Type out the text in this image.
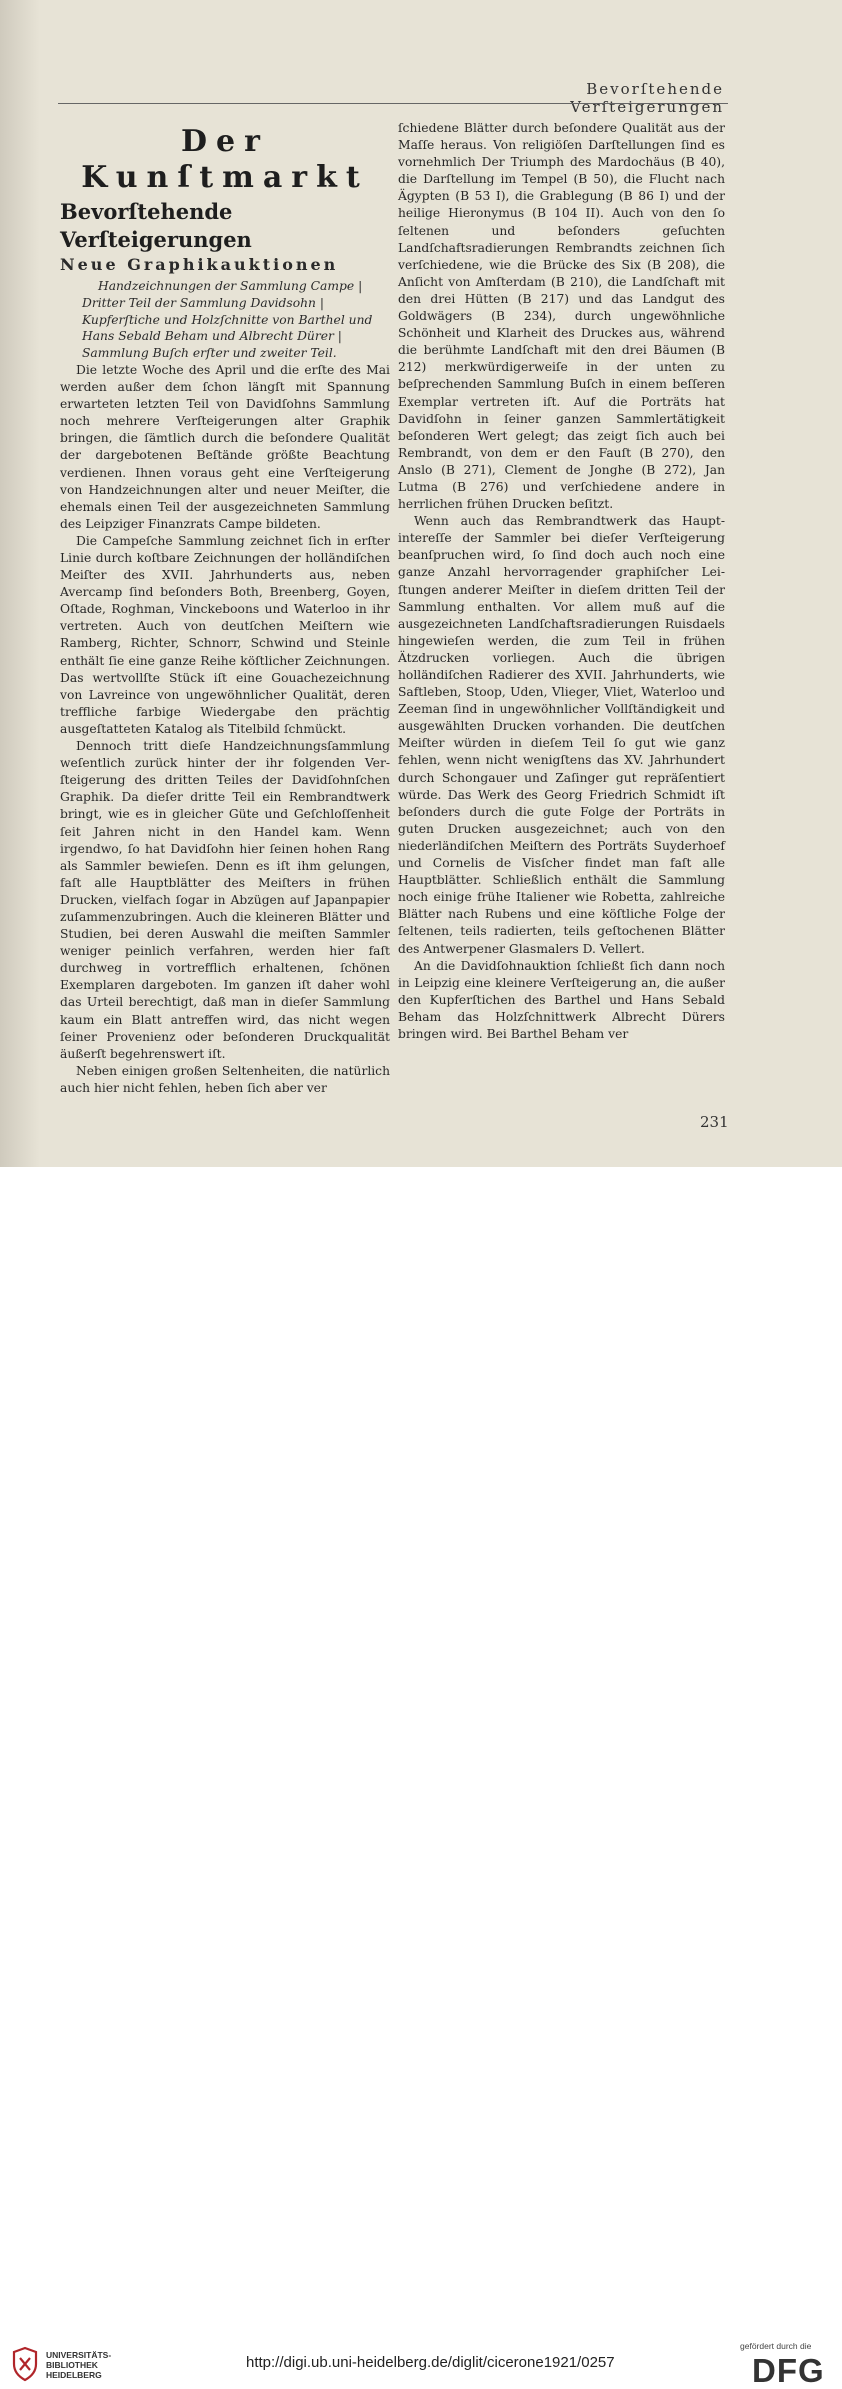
Bevorſtehende Verſteigerungen
Der Kunſtmarkt
Bevorſtehende Verſteigerungen
Neue Graphikauktionen

Handzeichnungen der Sammlung Campe | Dritter Teil der Sammlung Davidsohn | Kupferſtiche und Holzſchnitte von Barthel und Hans Sebald Beham und Albrecht Dürer | Sammlung Buſch erſter und zweiter Teil.

Die letzte Woche des April und die erſte des Mai werden außer dem ſchon längſt mit Spannung erwarteten letzten Teil von Davidſohns Sammlung noch mehrere Verſteigerungen alter Graphik bringen, die ſämtlich durch die beſondere Qualität der dargebotenen Beſtände größte Beachtung verdienen. Ihnen voraus geht eine Verſteigerung von Handzeichnungen alter und neuer Meiſter, die ehemals einen Teil der ausgezeichneten Sammlung des Leipziger Finanzrats Campe bildeten.

Die Campeſche Sammlung zeichnet ſich in erſter Linie durch koſtbare Zeichnungen der holländiſchen Meiſter des XVII. Jahrhunderts aus, neben Avercamp ſind beſonders Both, Breenberg, Goyen, Oſtade, Roghman, Vinckeboons und Waterloo in ihr vertreten. Auch von deutſchen Meiſtern wie Ramberg, Richter, Schnorr, Schwind und Steinle enthält ſie eine ganze Reihe köſtlicher Zeichnungen. Das wertvollſte Stück iſt eine Gouachezeichnung von Lavreince von ungewöhnlicher Qualität, deren treffliche farbige Wiedergabe den prächtig ausgeſtatteten Katalog als Titelbild ſchmückt.

Dennoch tritt dieſe Handzeichnungsſammlung weſentlich zurück hinter der ihr folgenden Verſteigerung des dritten Teiles der Davidſohnſchen Graphik. Da dieſer dritte Teil ein Rembrandtwerk bringt, wie es in gleicher Güte und Geſchloſſenheit ſeit Jahren nicht in den Handel kam. Wenn irgendwo, ſo hat Davidſohn hier ſeinen hohen Rang als Sammler bewieſen. Denn es iſt ihm gelungen, faſt alle Hauptblätter des Meiſters in frühen Drucken, vielfach ſogar in Abzügen auf Japanpapier zuſammenzubringen. Auch die kleineren Blätter und Studien, bei deren Auswahl die meiſten Sammler weniger peinlich verfahren, werden hier faſt durchweg in vortrefflich erhaltenen, ſchönen Exemplaren dargeboten. Im ganzen iſt daher wohl das Urteil berechtigt, daß man in dieſer Sammlung kaum ein Blatt antreffen wird, das nicht wegen ſeiner Provenienz oder beſonderen Druckqualität äußerſt begehrenswert iſt.

Neben einigen großen Seltenheiten, die natürlich auch hier nicht fehlen, heben ſich aber ver

ſchiedene Blätter durch beſondere Qualität aus der Maſſe heraus. Von religiöſen Darſtellungen ſind es vornehmlich Der Triumph des Mardochäus (B 40), die Darſtellung im Tempel (B 50), die Flucht nach Ägypten (B 53 I), die Grablegung (B 86 I) und der heilige Hieronymus (B 104 II). Auch von den ſo ſeltenen und beſonders geſuchten Landſchaftsradierungen Rembrandts zeichnen ſich verſchiedene, wie die Brücke des Six (B 208), die Anſicht von Amſterdam (B 210), die Landſchaft mit den drei Hütten (B 217) und das Landgut des Goldwägers (B 234), durch ungewöhnliche Schönheit und Klarheit des Druckes aus, während die berühmte Landſchaft mit den drei Bäumen (B 212) merkwürdigerweiſe in der unten zu beſprechenden Sammlung Buſch in einem beſſeren Exemplar vertreten iſt. Auf die Porträts hat Davidſohn in ſeiner ganzen Sammlertätigkeit beſonderen Wert gelegt; das zeigt ſich auch bei Rembrandt, von dem er den Fauſt (B 270), den Anslo (B 271), Clement de Jonghe (B 272), Jan Lutma (B 276) und verſchiedene andere in herrlichen frühen Drucken beſitzt.

Wenn auch das Rembrandtwerk das Hauptintereſſe der Sammler bei dieſer Verſteigerung beanſpruchen wird, ſo ſind doch auch noch eine ganze Anzahl hervorragender graphiſcher Leiſtungen anderer Meiſter in dieſem dritten Teil der Sammlung enthalten. Vor allem muß auf die ausgezeichneten Landſchaftsradierungen Ruisdaels hingewieſen werden, die zum Teil in frühen Ätzdrucken vorliegen. Auch die übrigen holländiſchen Radierer des XVII. Jahrhunderts, wie Saftleben, Stoop, Uden, Vlieger, Vliet, Waterloo und Zeeman ſind in ungewöhnlicher Vollſtändigkeit und ausgewählten Drucken vorhanden. Die deutſchen Meiſter würden in dieſem Teil ſo gut wie ganz fehlen, wenn nicht wenigſtens das XV. Jahrhundert durch Schongauer und Zaſinger gut repräſentiert würde. Das Werk des Georg Friedrich Schmidt iſt beſonders durch die gute Folge der Porträts in guten Drucken ausgezeichnet; auch von den niederländiſchen Meiſtern des Porträts Suyderhoef und Cornelis de Visſcher findet man faſt alle Hauptblätter. Schließlich enthält die Sammlung noch einige frühe Italiener wie Robetta, zahlreiche Blätter nach Rubens und eine köſtliche Folge der ſeltenen, teils radierten, teils geſtochenen Blätter des Antwerpener Glasmalers D. Vellert.

An die Davidſohnauktion ſchließt ſich dann noch in Leipzig eine kleinere Verſteigerung an, die außer den Kupferſtichen des Barthel und Hans Sebald Beham das Holzſchnittwerk Albrecht Dürers bringen wird. Bei Barthel Beham ver

231
UNIVERSITÄTS-
BIBLIOTHEK
HEIDELBERG
http://digi.ub.uni-heidelberg.de/diglit/cicerone1921/0257
gefördert durch die
DFG
